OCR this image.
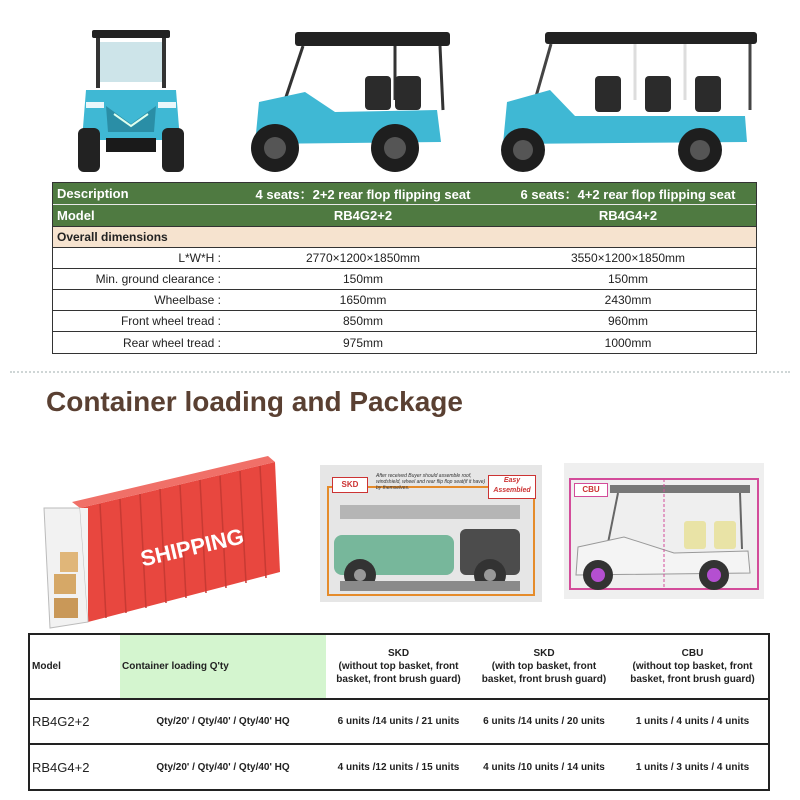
Description	4 seats：2+2 rear flop flipping seat	6 seats：4+2 rear flop flipping seat
Model	RB4G2+2	RB4G4+2
Overall dimensions
L*W*H :	2770×1200×1850mm	3550×1200×1850mm
Min. ground clearance :	150mm	150mm
Wheelbase :	1650mm	2430mm
Front wheel tread :	850mm	960mm
Rear wheel tread :	975mm	1000mm
Container loading and Package
SHIPPING
SKD
After received Buyer should assemble roof, windshield, wheel and rear flip flop seat(if it have) by themselves.
Easy Assembled	CBU
Model	Container loading Q'ty
SKD
(without top basket, front
basket, front brush guard)
SKD
(with top basket, front
basket, front brush guard)
CBU
(without top basket, front
basket, front brush guard)
RB4G2+2	Qty/20' / Qty/40' / Qty/40' HQ	6 units /14 units / 21 units	6 units /14 units / 20 units	1 units / 4 units / 4 units
RB4G4+2	Qty/20' / Qty/40' / Qty/40' HQ	4 units /12 units / 15 units	4 units /10 units / 14 units	1 units / 3 units / 4 units
